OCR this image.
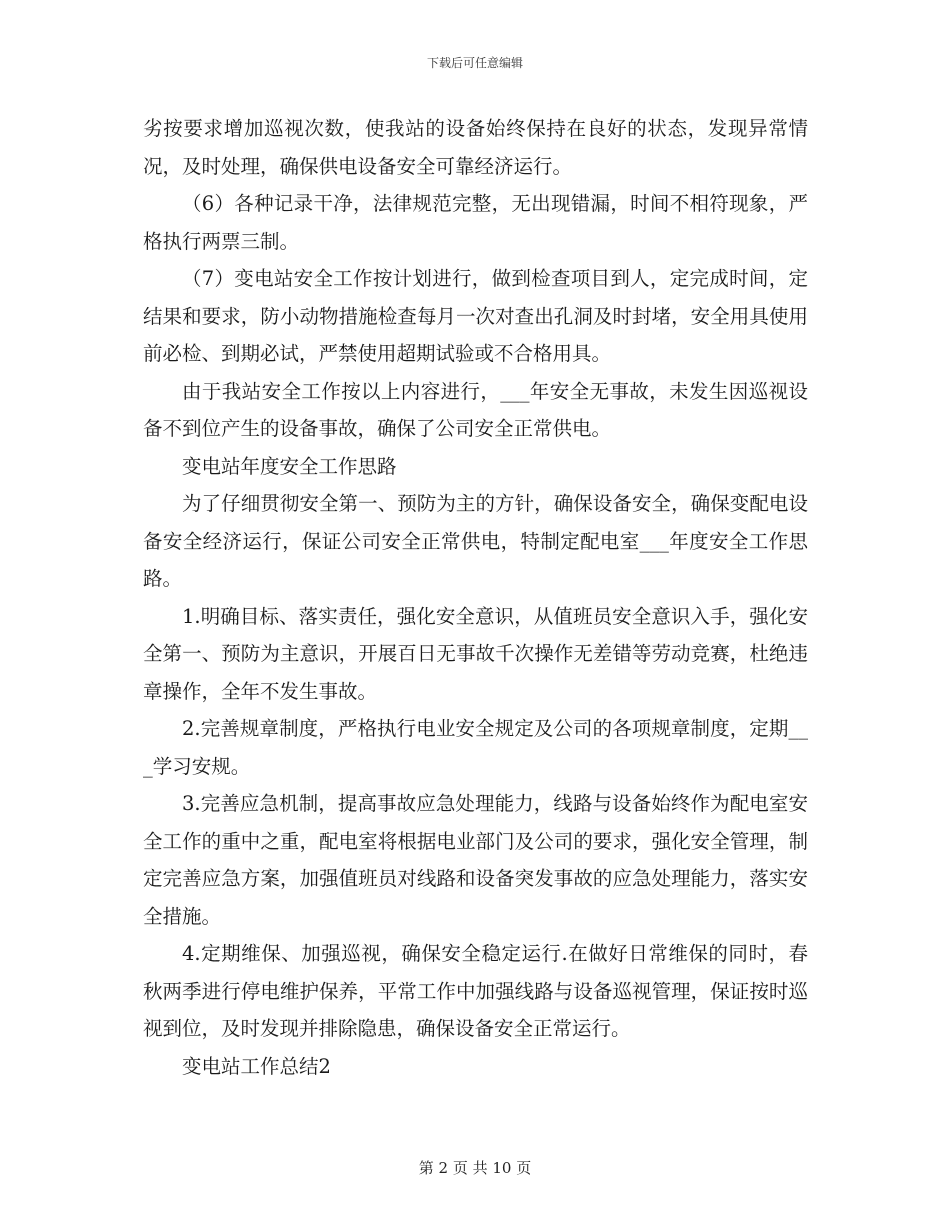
下载后可任意编辑

劣按要求增加巡视次数，使我站的设备始终保持在良好的状态，发现异常情况，及时处理，确保供电设备安全可靠经济运行。

（6）各种记录干净，法律规范完整，无出现错漏，时间不相符现象，严格执行两票三制。

（7）变电站安全工作按计划进行，做到检查项目到人，定完成时间，定结果和要求，防小动物措施检查每月一次对查出孔洞及时封堵，安全用具使用前必检、到期必试，严禁使用超期试验或不合格用具。

由于我站安全工作按以上内容进行，___年安全无事故，未发生因巡视设备不到位产生的设备事故，确保了公司安全正常供电。

变电站年度安全工作思路

为了仔细贯彻安全第一、预防为主的方针，确保设备安全，确保变配电设备安全经济运行，保证公司安全正常供电，特制定配电室___年度安全工作思路。

1.明确目标、落实责任，强化安全意识，从值班员安全意识入手，强化安全第一、预防为主意识，开展百日无事故千次操作无差错等劳动竞赛，杜绝违章操作，全年不发生事故。

2.完善规章制度，严格执行电业安全规定及公司的各项规章制度，定期___学习安规。

3.完善应急机制，提高事故应急处理能力，线路与设备始终作为配电室安全工作的重中之重，配电室将根据电业部门及公司的要求，强化安全管理，制定完善应急方案，加强值班员对线路和设备突发事故的应急处理能力，落实安全措施。

4.定期维保、加强巡视，确保安全稳定运行.在做好日常维保的同时，春秋两季进行停电维护保养，平常工作中加强线路与设备巡视管理，保证按时巡视到位，及时发现并排除隐患，确保设备安全正常运行。

变电站工作总结2

第 2 页 共 10 页
